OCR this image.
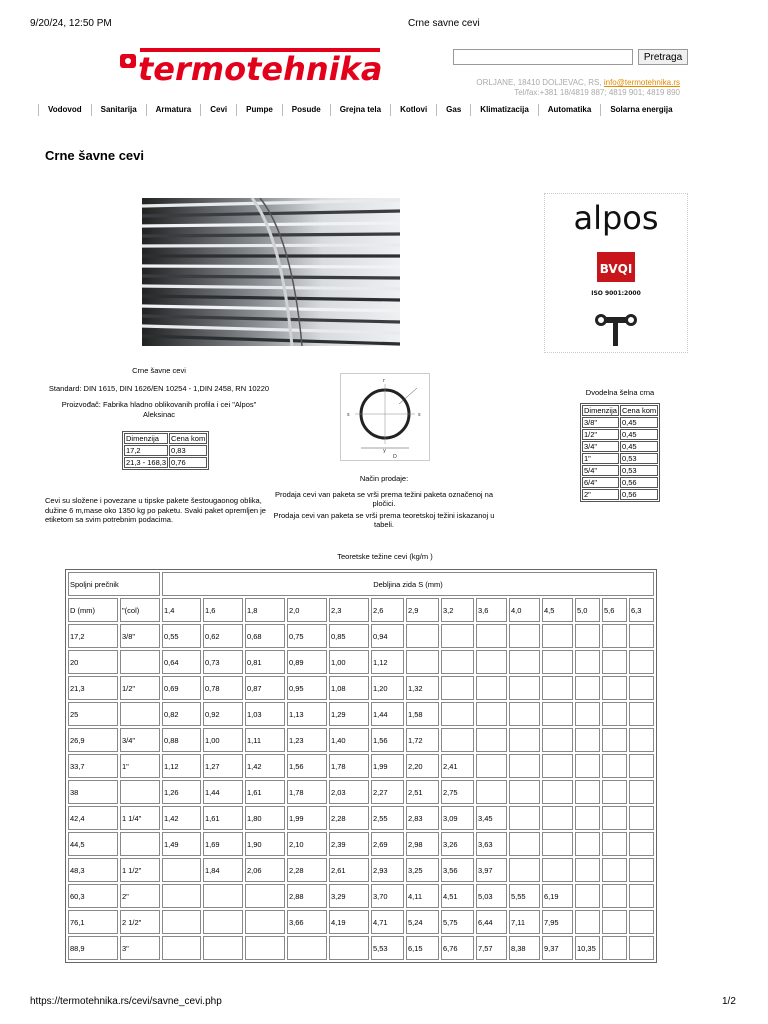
9/20/24, 12:50 PM	Crne savne cevi
termotehnika	Pretraga
ORLJANE, 18410 DOLJEVAC, RS, info@termotehnika.rs
Tel/fax:+381 18/4819 887; 4819 901; 4819 890
Vodovod	Sanitarija	Armatura	Cevi	Pumpe	Posude	Grejna tela	Kotlovi	Gas	Klimatizacija	Automatika	Solarna energija
Crne šavne cevi
alpos
BVQI
ISO 9001:2000

Crne šavne cevi

Standard: DIN 1615, DIN 1626/EN 10254 - 1,DIN 2458, RN 10220

Proizvođač: Fabrika hladno oblikovanih profila i cei "Alpos" Aleksinac

Dimenzija	Cena kom
17,2	0,83
21,3 - 168,3	0,76
Cevi su složene i povezane u tipske pakete šestougaonog oblika, dužine 6 m,mase oko 1350 kg po paketu. Svaki paket opremljen je etiketom sa svim potrebnim podacima.
r
s	s
y
D

Način prodaje:

Prodaja cevi van paketa se vrši prema težini paketa označenoj na pločici.

Prodaja cevi van paketa se vrši prema teoretskoj težini iskazanoj u tabeli.

Dvodelna šelna crna
Dimenzija	Cena kom
3/8"	0,45
1/2"	0,45
3/4"	0,45
1"	0,53
5/4"	0,53
6/4"	0,56
2"	0,56
Teoretske težine cevi (kg/m )
Spoljni prečnik		Debljina zida S (mm)													
D (mm)	"(col)	1,4	1,6	1,8	2,0	2,3	2,6	2,9	3,2	3,6	4,0	4,5	5,0	5,6	6,3
17,2	3/8"	0,55	0,62	0,68	0,75	0,85	0,94								
20		0,64	0,73	0,81	0,89	1,00	1,12								
21,3	1/2"	0,69	0,78	0,87	0,95	1,08	1,20	1,32							
25		0,82	0,92	1,03	1,13	1,29	1,44	1,58							
26,9	3/4"	0,88	1,00	1,11	1,23	1,40	1,56	1,72							
33,7	1"	1,12	1,27	1,42	1,56	1,78	1,99	2,20	2,41						
38		1,26	1,44	1,61	1,78	2,03	2,27	2,51	2,75						
42,4	1 1/4"	1,42	1,61	1,80	1,99	2,28	2,55	2,83	3,09	3,45					
44,5		1,49	1,69	1,90	2,10	2,39	2,69	2,98	3,26	3,63					
48,3	1 1/2"		1,84	2,06	2,28	2,61	2,93	3,25	3,56	3,97					
60,3	2"				2,88	3,29	3,70	4,11	4,51	5,03	5,55	6,19			
76,1	2 1/2"				3,66	4,19	4,71	5,24	5,75	6,44	7,11	7,95			
88,9	3"						5,53	6,15	6,76	7,57	8,38	9,37	10,35		
https://termotehnika.rs/cevi/savne_cevi.php	1/2
